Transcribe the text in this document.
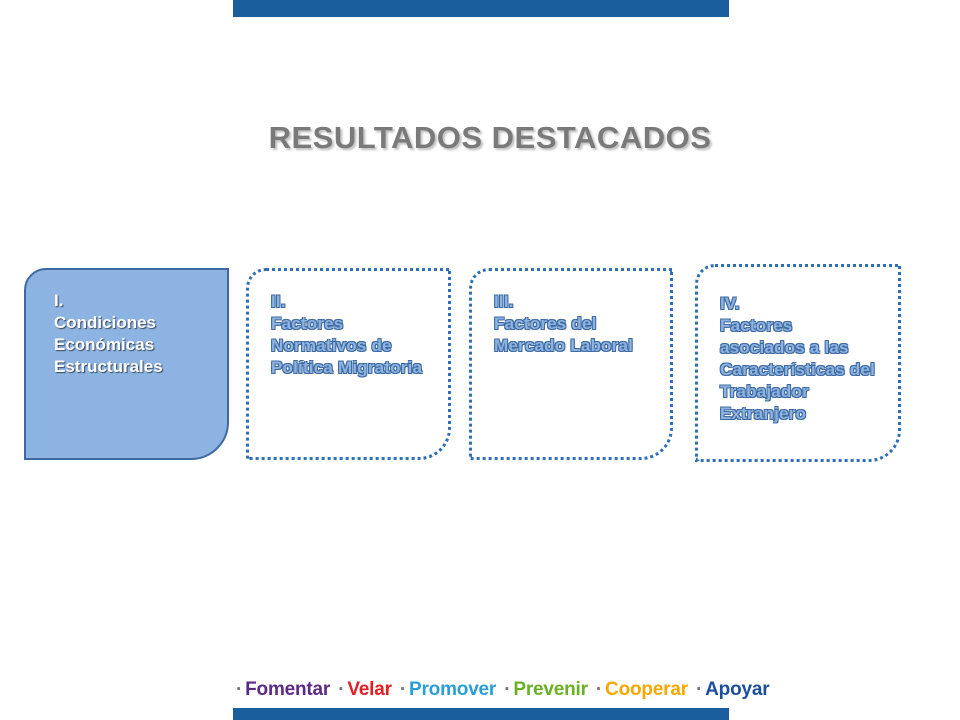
RESULTADOS DESTACADOS
I.
Condiciones
Económicas
Estructurales
II.
Factores
Normativos de
Política Migratoria
III.
Factores del
Mercado Laboral
IV.
Factores
asociados a las
Características del
Trabajador
Extranjero
· Fomentar · Velar · Promover · Prevenir · Cooperar · Apoyar
